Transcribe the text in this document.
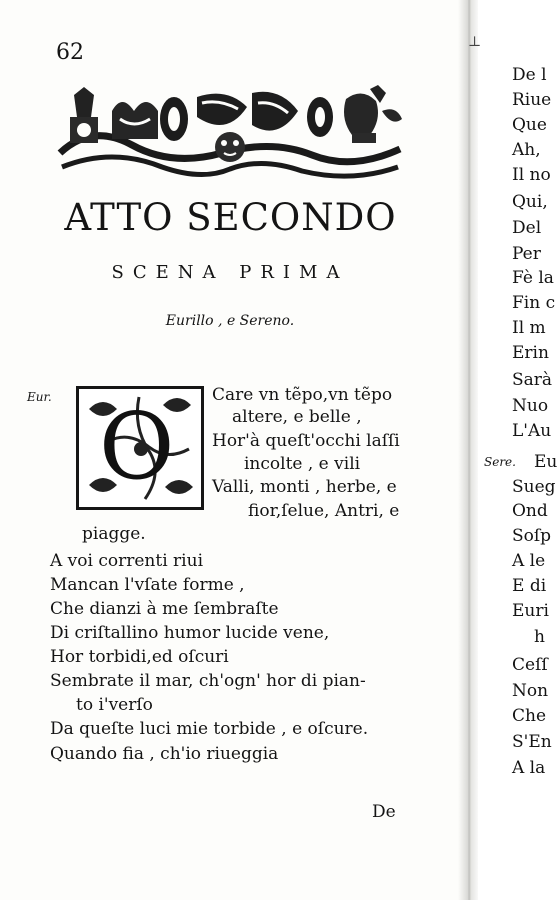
62
ATTO SECONDO
SCENA PRIMA
Eurillo , e Sereno.
Eur. O Care vn tẽpo,vn tẽpo
altere, e belle ,
Hor'à queſt'occhi laſſi
incolte , e vili
Valli, monti , herbe, e
fior,ſelue, Antri, e
piagge.
A voi correnti riui
Mancan l'vſate forme ,
Che dianzi à me ſembraſte
Di criſtallino humor lucide vene,
Hor torbidi,ed oſcuri
Sembrate il mar, ch'ogn' hor di pian-
to i'verſo
Da queſte luci mie torbide , e oſcure.
Quando fia , ch'io riueggia
De
De l
Riue
Que
Ah,
Il no
Qui,
Del
Per
Fè la
Fin c
Il m
Erin
Sarà
Nuo
L'Au
Eu
Sueg
Ond
Soſp
A le
E di
Euri
h
Ceſſ
Non
Che
S'En
A la
Sere.
⊥
